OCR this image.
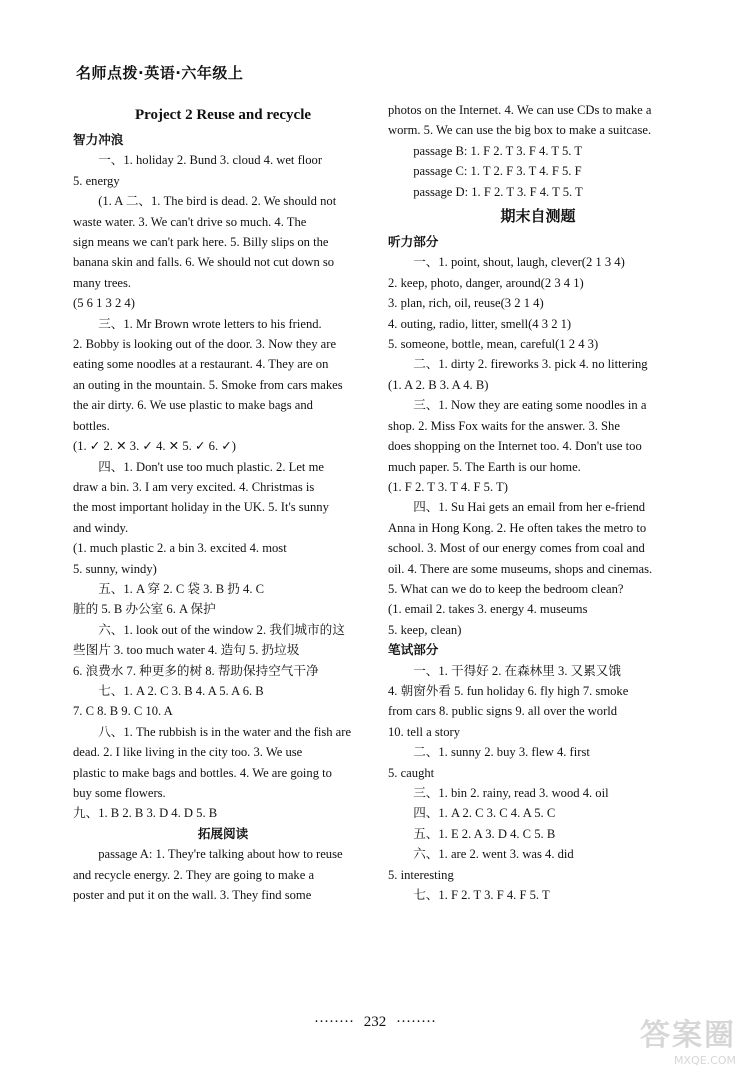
名师点拨·英语·六年级上
Project 2 Reuse and recycle
智力冲浪
一、1. holiday 2. Bund 3. cloud 4. wet floor
5. energy
(1. A 二、1. The bird is dead. 2. We should not
waste water. 3. We can't drive so much. 4. The
sign means we can't park here. 5. Billy slips on the
banana skin and falls. 6. We should not cut down so
many trees.
(5 6 1 3 2 4)
三、1. Mr Brown wrote letters to his friend.
2. Bobby is looking out of the door. 3. Now they are
eating some noodles at a restaurant. 4. They are on
an outing in the mountain. 5. Smoke from cars makes
the air dirty. 6. We use plastic to make bags and
bottles.
(1. ✓ 2. ✕ 3. ✓ 4. ✕ 5. ✓ 6. ✓)
四、1. Don't use too much plastic. 2. Let me
draw a bin. 3. I am very excited. 4. Christmas is
the most important holiday in the UK. 5. It's sunny
and windy.
(1. much plastic 2. a bin 3. excited 4. most
5. sunny, windy)
五、1. A 穿 2. C 袋 3. B 扔 4. C
脏的 5. B 办公室 6. A 保护
六、1. look out of the window 2. 我们城市的这
些图片 3. too much water 4. 造句 5. 扔垃圾
6. 浪费水 7. 种更多的树 8. 帮助保持空气干净
七、1. A 2. C 3. B 4. A 5. A 6. B
7. C 8. B 9. C 10. A
八、1. The rubbish is in the water and the fish are
dead. 2. I like living in the city too. 3. We use
plastic to make bags and bottles. 4. We are going to
buy some flowers.
九、1. B 2. B 3. D 4. D 5. B
拓展阅读
passage A: 1. They're talking about how to reuse
and recycle energy. 2. They are going to make a
poster and put it on the wall. 3. They find some
photos on the Internet. 4. We can use CDs to make a
worm. 5. We can use the big box to make a suitcase.
passage B: 1. F 2. T 3. F 4. T 5. T
passage C: 1. T 2. F 3. T 4. F 5. F
passage D: 1. F 2. T 3. F 4. T 5. T
期末自测题
听力部分
一、1. point, shout, laugh, clever(2 1 3 4)
2. keep, photo, danger, around(2 3 4 1)
3. plan, rich, oil, reuse(3 2 1 4)
4. outing, radio, litter, smell(4 3 2 1)
5. someone, bottle, mean, careful(1 2 4 3)
二、1. dirty 2. fireworks 3. pick 4. no littering
(1. A 2. B 3. A 4. B)
三、1. Now they are eating some noodles in a
shop. 2. Miss Fox waits for the answer. 3. She
does shopping on the Internet too. 4. Don't use too
much paper. 5. The Earth is our home.
(1. F 2. T 3. T 4. F 5. T)
四、1. Su Hai gets an email from her e-friend
Anna in Hong Kong. 2. He often takes the metro to
school. 3. Most of our energy comes from coal and
oil. 4. There are some museums, shops and cinemas.
5. What can we do to keep the bedroom clean?
(1. email 2. takes 3. energy 4. museums
5. keep, clean)
笔试部分
一、1. 干得好 2. 在森林里 3. 又累又饿
4. 朝窗外看 5. fun holiday 6. fly high 7. smoke
from cars 8. public signs 9. all over the world
10. tell a story
二、1. sunny 2. buy 3. flew 4. first
5. caught
三、1. bin 2. rainy, read 3. wood 4. oil
四、1. A 2. C 3. C 4. A 5. C
五、1. E 2. A 3. D 4. C 5. B
六、1. are 2. went 3. was 4. did
5. interesting
七、1. F 2. T 3. F 4. F 5. T
········ 232 ········	答案圈
MXQE.COM
